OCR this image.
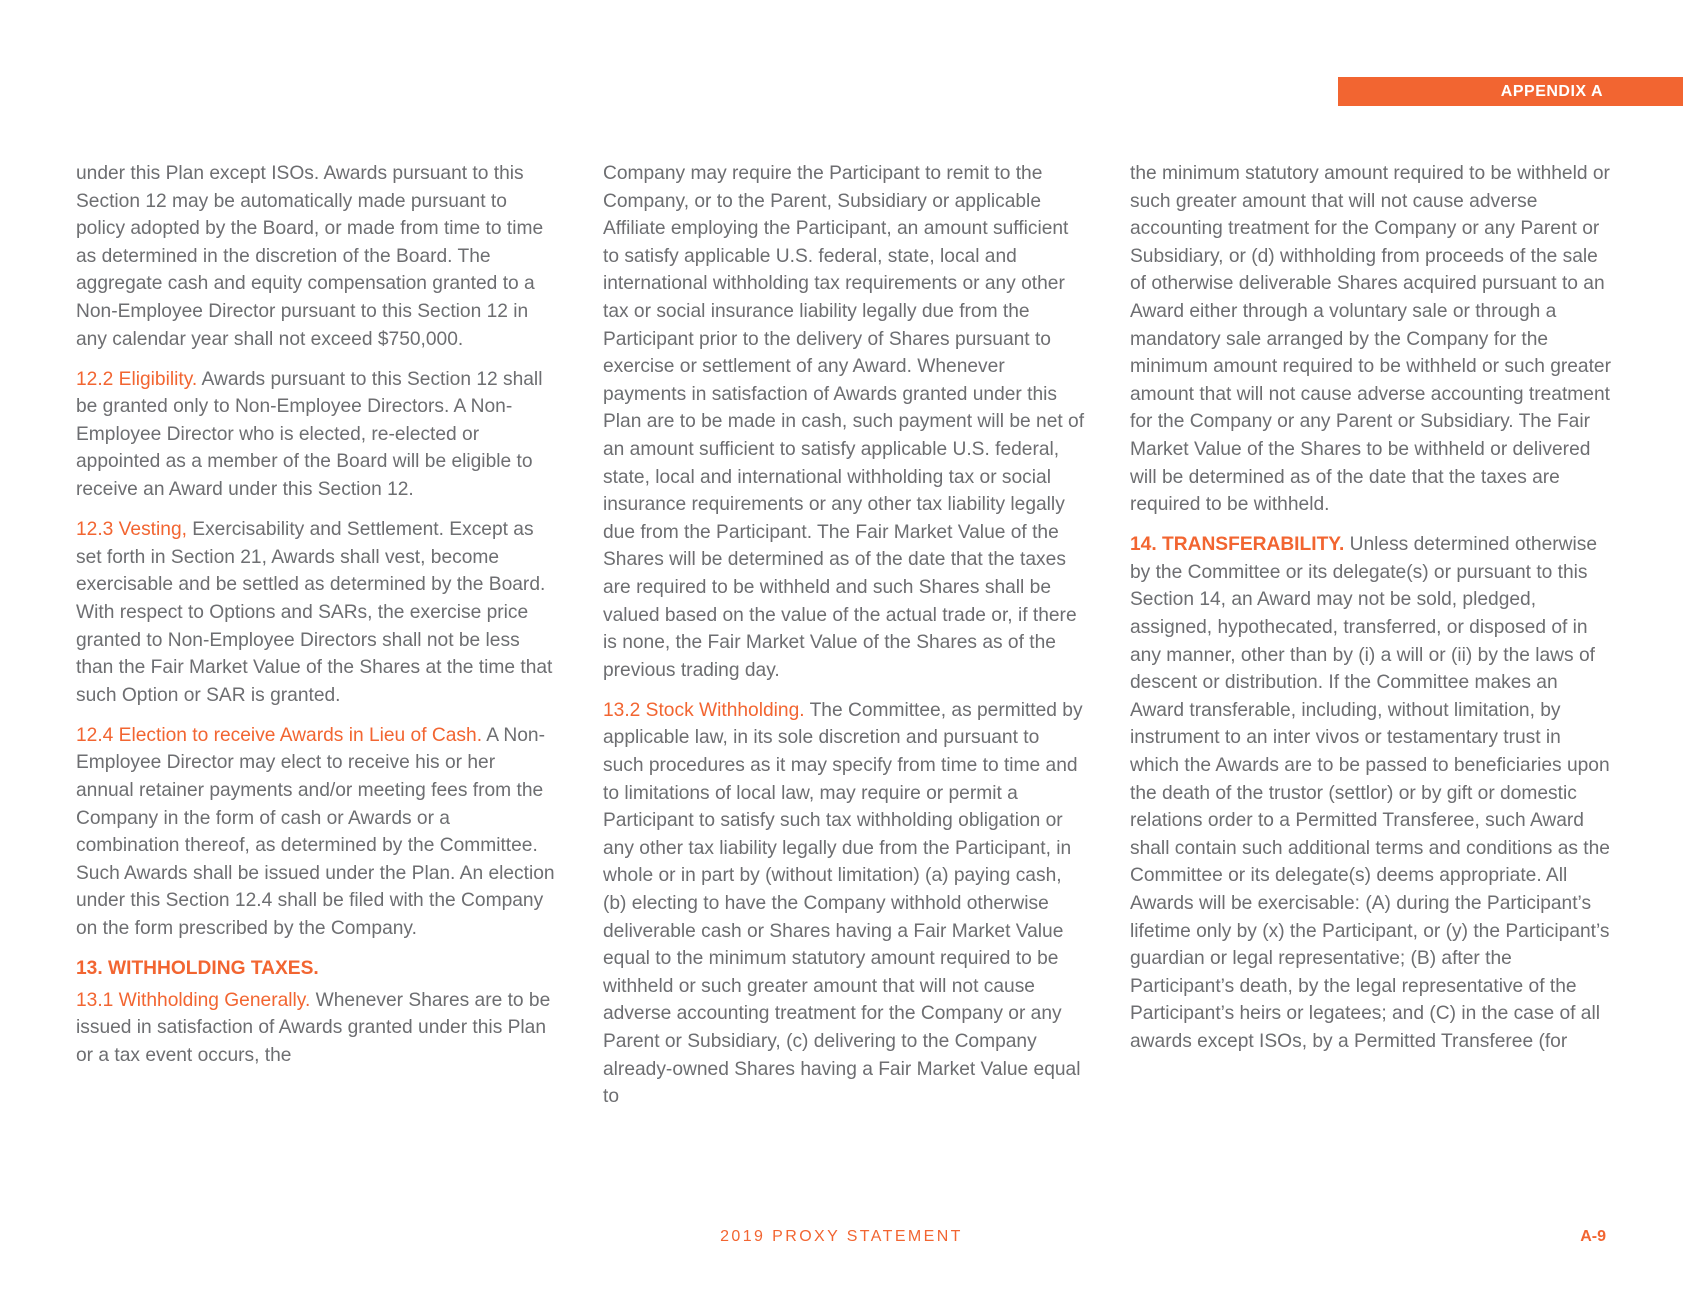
APPENDIX A

under this Plan except ISOs. Awards pursuant to this Section 12 may be automatically made pursuant to policy adopted by the Board, or made from time to time as determined in the discretion of the Board. The aggregate cash and equity compensation granted to a Non-Employee Director pursuant to this Section 12 in any calendar year shall not exceed $750,000.

12.2 Eligibility. Awards pursuant to this Section 12 shall be granted only to Non-Employee Directors. A Non-Employee Director who is elected, re-elected or appointed as a member of the Board will be eligible to receive an Award under this Section 12.

12.3 Vesting, Exercisability and Settlement. Except as set forth in Section 21, Awards shall vest, become exercisable and be settled as determined by the Board. With respect to Options and SARs, the exercise price granted to Non-Employee Directors shall not be less than the Fair Market Value of the Shares at the time that such Option or SAR is granted.

12.4 Election to receive Awards in Lieu of Cash. A Non-Employee Director may elect to receive his or her annual retainer payments and/or meeting fees from the Company in the form of cash or Awards or a combination thereof, as determined by the Committee. Such Awards shall be issued under the Plan. An election under this Section 12.4 shall be filed with the Company on the form prescribed by the Company.

13. WITHHOLDING TAXES.

13.1 Withholding Generally. Whenever Shares are to be issued in satisfaction of Awards granted under this Plan or a tax event occurs, the

Company may require the Participant to remit to the Company, or to the Parent, Subsidiary or applicable Affiliate employing the Participant, an amount sufficient to satisfy applicable U.S. federal, state, local and international withholding tax requirements or any other tax or social insurance liability legally due from the Participant prior to the delivery of Shares pursuant to exercise or settlement of any Award. Whenever payments in satisfaction of Awards granted under this Plan are to be made in cash, such payment will be net of an amount sufficient to satisfy applicable U.S. federal, state, local and international withholding tax or social insurance requirements or any other tax liability legally due from the Participant. The Fair Market Value of the Shares will be determined as of the date that the taxes are required to be withheld and such Shares shall be valued based on the value of the actual trade or, if there is none, the Fair Market Value of the Shares as of the previous trading day.

13.2 Stock Withholding. The Committee, as permitted by applicable law, in its sole discretion and pursuant to such procedures as it may specify from time to time and to limitations of local law, may require or permit a Participant to satisfy such tax withholding obligation or any other tax liability legally due from the Participant, in whole or in part by (without limitation) (a) paying cash, (b) electing to have the Company withhold otherwise deliverable cash or Shares having a Fair Market Value equal to the minimum statutory amount required to be withheld or such greater amount that will not cause adverse accounting treatment for the Company or any Parent or Subsidiary, (c) delivering to the Company already-owned Shares having a Fair Market Value equal to

the minimum statutory amount required to be withheld or such greater amount that will not cause adverse accounting treatment for the Company or any Parent or Subsidiary, or (d) withholding from proceeds of the sale of otherwise deliverable Shares acquired pursuant to an Award either through a voluntary sale or through a mandatory sale arranged by the Company for the minimum amount required to be withheld or such greater amount that will not cause adverse accounting treatment for the Company or any Parent or Subsidiary. The Fair Market Value of the Shares to be withheld or delivered will be determined as of the date that the taxes are required to be withheld.

14. TRANSFERABILITY. Unless determined otherwise by the Committee or its delegate(s) or pursuant to this Section 14, an Award may not be sold, pledged, assigned, hypothecated, transferred, or disposed of in any manner, other than by (i) a will or (ii) by the laws of descent or distribution. If the Committee makes an Award transferable, including, without limitation, by instrument to an inter vivos or testamentary trust in which the Awards are to be passed to beneficiaries upon the death of the trustor (settlor) or by gift or domestic relations order to a Permitted Transferee, such Award shall contain such additional terms and conditions as the Committee or its delegate(s) deems appropriate. All Awards will be exercisable: (A) during the Participant’s lifetime only by (x) the Participant, or (y) the Participant’s guardian or legal representative; (B) after the Participant’s death, by the legal representative of the Participant’s heirs or legatees; and (C) in the case of all awards except ISOs, by a Permitted Transferee (for

2019 PROXY STATEMENT	A-9
